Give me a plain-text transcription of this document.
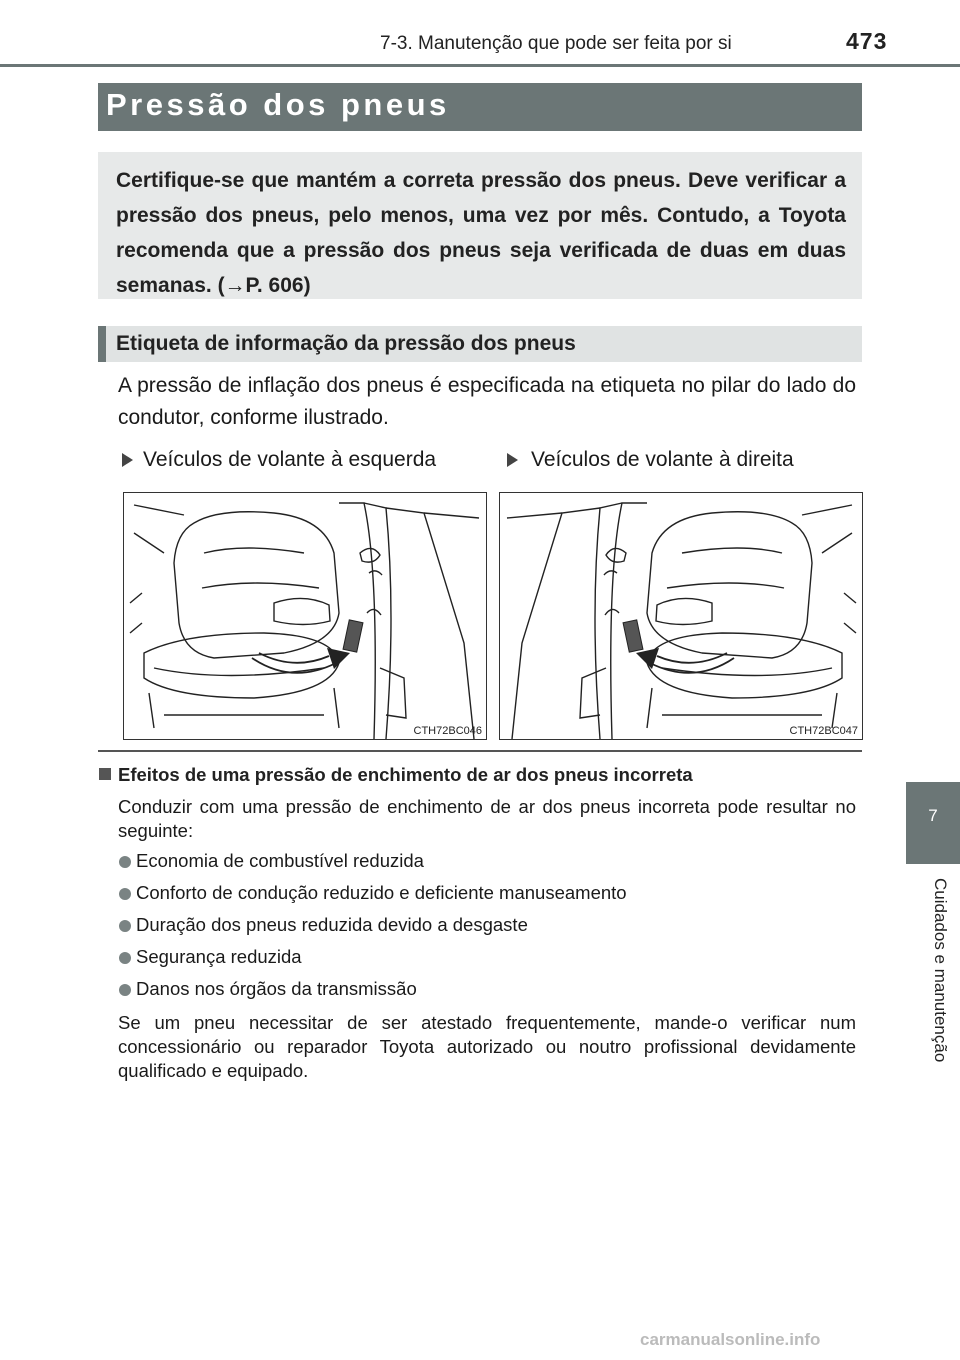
7-3. Manutenção que pode ser feita por si	473
7
Cuidados e manutenção
Pressão dos pneus
Certifique-se que mantém a correta pressão dos pneus. Deve verificar a pressão dos pneus, pelo menos, uma vez por mês. Contudo, a Toyota recomenda que a pressão dos pneus seja verificada de duas em duas semanas. (→P. 606)
Etiqueta de informação da pressão dos pneus
A pressão de inflação dos pneus é especificada na etiqueta no pilar do lado do condutor, conforme ilustrado.
Veículos de volante à esquerda	Veículos de volante à direita
CTH72BC046	CTH72BC047
Efeitos de uma pressão de enchimento de ar dos pneus incorreta
Conduzir com uma pressão de enchimento de ar dos pneus incorreta pode resultar no seguinte:
Economia de combustível reduzida
Conforto de condução reduzido e deficiente manuseamento
Duração dos pneus reduzida devido a desgaste
Segurança reduzida
Danos nos órgãos da transmissão
Se um pneu necessitar de ser atestado frequentemente, mande-o verificar num concessionário ou reparador Toyota autorizado ou noutro profissional devidamente qualificado e equipado.
carmanualsonline.info
